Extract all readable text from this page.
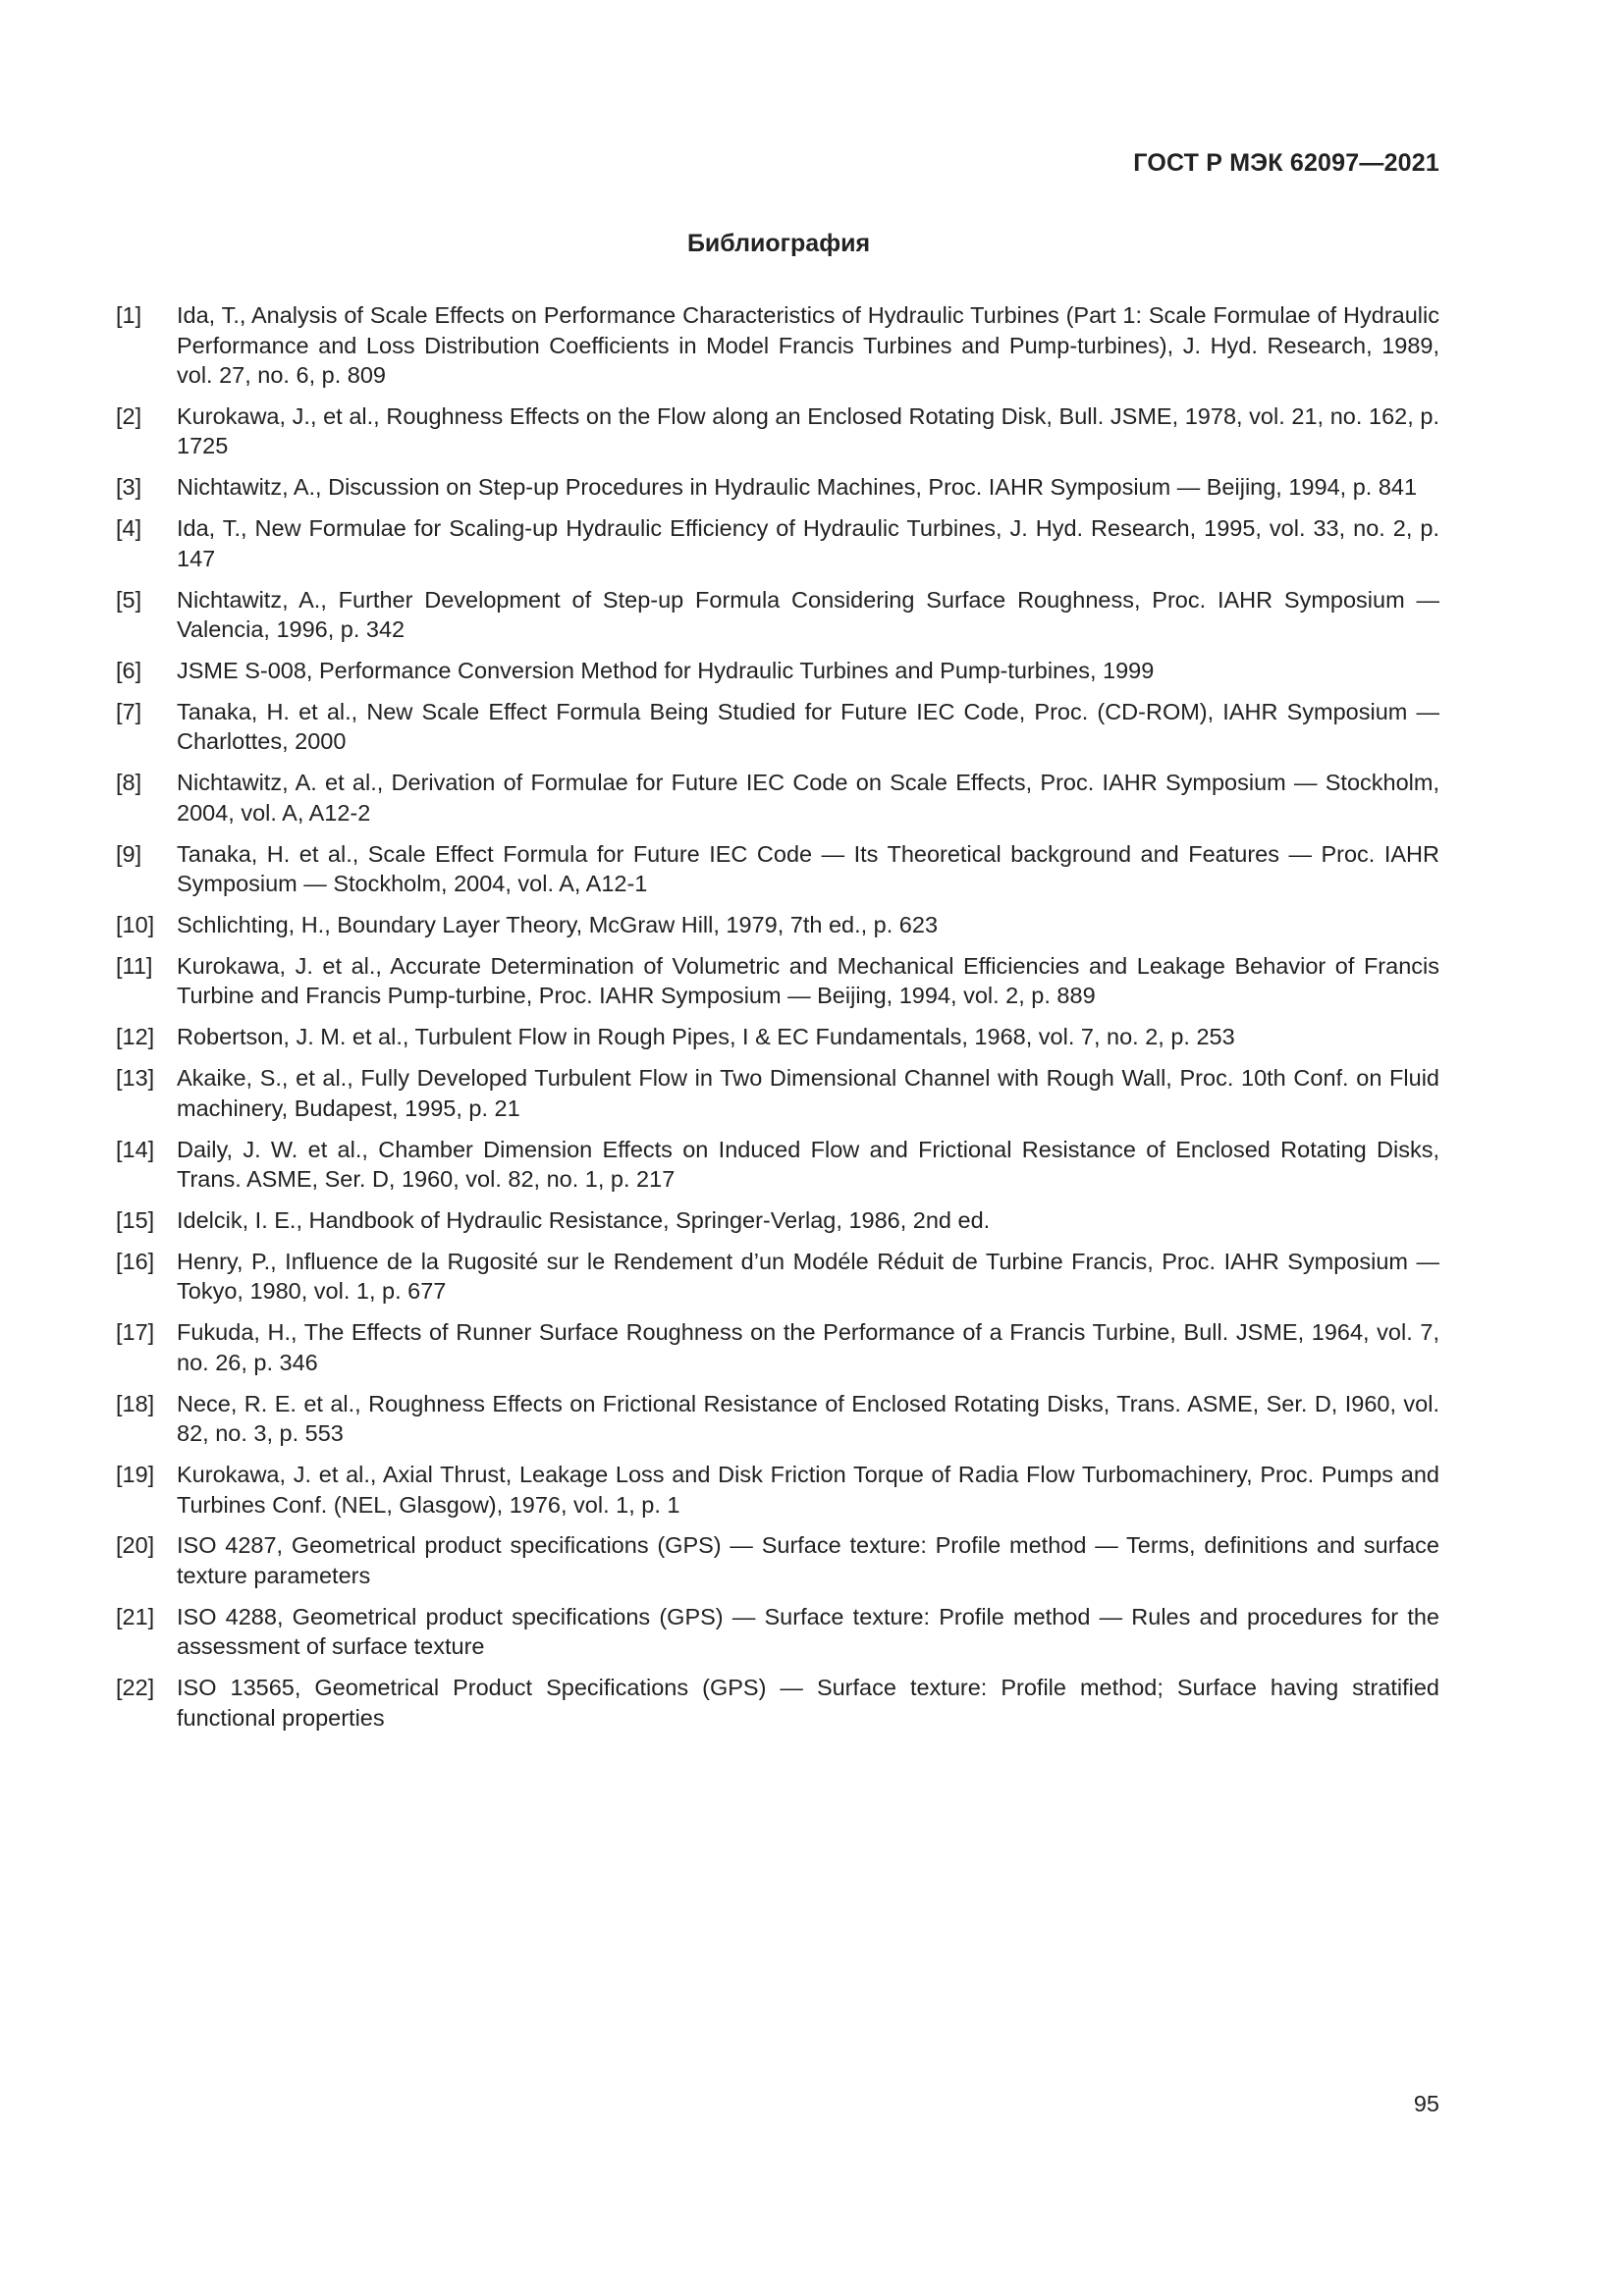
ГОСТ Р МЭК 62097—2021
Библиография
[1]	Ida, T., Analysis of Scale Effects on Performance Characteristics of Hydraulic Turbines (Part 1: Scale Formulae of Hydraulic Performance and Loss Distribution Coefficients in Model Francis Turbines and Pump-turbines), J. Hyd. Research, 1989, vol. 27, no. 6, p. 809
[2]	Kurokawa, J., et al., Roughness Effects on the Flow along an Enclosed Rotating Disk, Bull. JSME, 1978, vol. 21, no. 162, p. 1725
[3]	Nichtawitz, A., Discussion on Step-up Procedures in Hydraulic Machines, Proc. IAHR Symposium — Beijing, 1994, p. 841
[4]	Ida, T., New Formulae for Scaling-up Hydraulic Efficiency of Hydraulic Turbines, J. Hyd. Research, 1995, vol. 33, no. 2, p. 147
[5]	Nichtawitz, A., Further Development of Step-up Formula Considering Surface Roughness, Proc. IAHR Symposium — Valencia, 1996, p. 342
[6]	JSME S-008, Performance Conversion Method for Hydraulic Turbines and Pump-turbines, 1999
[7]	Tanaka, H. et al., New Scale Effect Formula Being Studied for Future IEC Code, Proc. (CD-ROM), IAHR Symposium — Charlottes, 2000
[8]	Nichtawitz, A. et al., Derivation of Formulae for Future IEC Code on Scale Effects, Proc. IAHR Symposium — Stockholm, 2004, vol. A, A12-2
[9]	Tanaka, H. et al., Scale Effect Formula for Future IEC Code — Its Theoretical background and Features — Proc. IAHR Symposium — Stockholm, 2004, vol. A, A12-1
[10] Schlichting, H., Boundary Layer Theory, McGraw Hill, 1979, 7th ed., p. 623
[11]	Kurokawa, J. et al., Accurate Determination of Volumetric and Mechanical Efficiencies and Leakage Behavior of Francis Turbine and Francis Pump-turbine, Proc. IAHR Symposium — Beijing, 1994, vol. 2, p. 889
[12] Robertson, J. M. et al., Turbulent Flow in Rough Pipes, I & EC Fundamentals, 1968, vol. 7, no. 2, p. 253
[13] Akaike, S., et al., Fully Developed Turbulent Flow in Two Dimensional Channel with Rough Wall, Proc. 10th Conf. on Fluid machinery, Budapest, 1995, p. 21
[14] Daily, J. W. et al., Chamber Dimension Effects on Induced Flow and Frictional Resistance of Enclosed Rotating Disks, Trans. ASME, Ser. D, 1960, vol. 82, no. 1, p. 217
[15] Idelcik, I. E., Handbook of Hydraulic Resistance, Springer-Verlag, 1986, 2nd ed.
[16] Henry, P., Influence de la Rugosité sur le Rendement d’un Modéle Réduit de Turbine Francis, Proc. IAHR Symposium — Tokyo, 1980, vol. 1, p. 677
[17] Fukuda, H., The Effects of Runner Surface Roughness on the Performance of a Francis Turbine, Bull. JSME, 1964, vol. 7, no. 26, p. 346
[18] Nece, R. E. et al., Roughness Effects on Frictional Resistance of Enclosed Rotating Disks, Trans. ASME, Ser. D, I960, vol. 82, no. 3, p. 553
[19] Kurokawa, J. et al., Axial Thrust, Leakage Loss and Disk Friction Torque of Radia Flow Turbomachinery, Proc. Pumps and Turbines Conf. (NEL, Glasgow), 1976, vol. 1, p. 1
[20] ISO 4287, Geometrical product specifications (GPS) — Surface texture: Profile method — Terms, definitions and surface texture parameters
[21] ISO 4288, Geometrical product specifications (GPS) — Surface texture: Profile method — Rules and procedures for the assessment of surface texture
[22] ISO 13565, Geometrical Product Specifications (GPS) — Surface texture: Profile method; Surface having stratified functional properties
95
